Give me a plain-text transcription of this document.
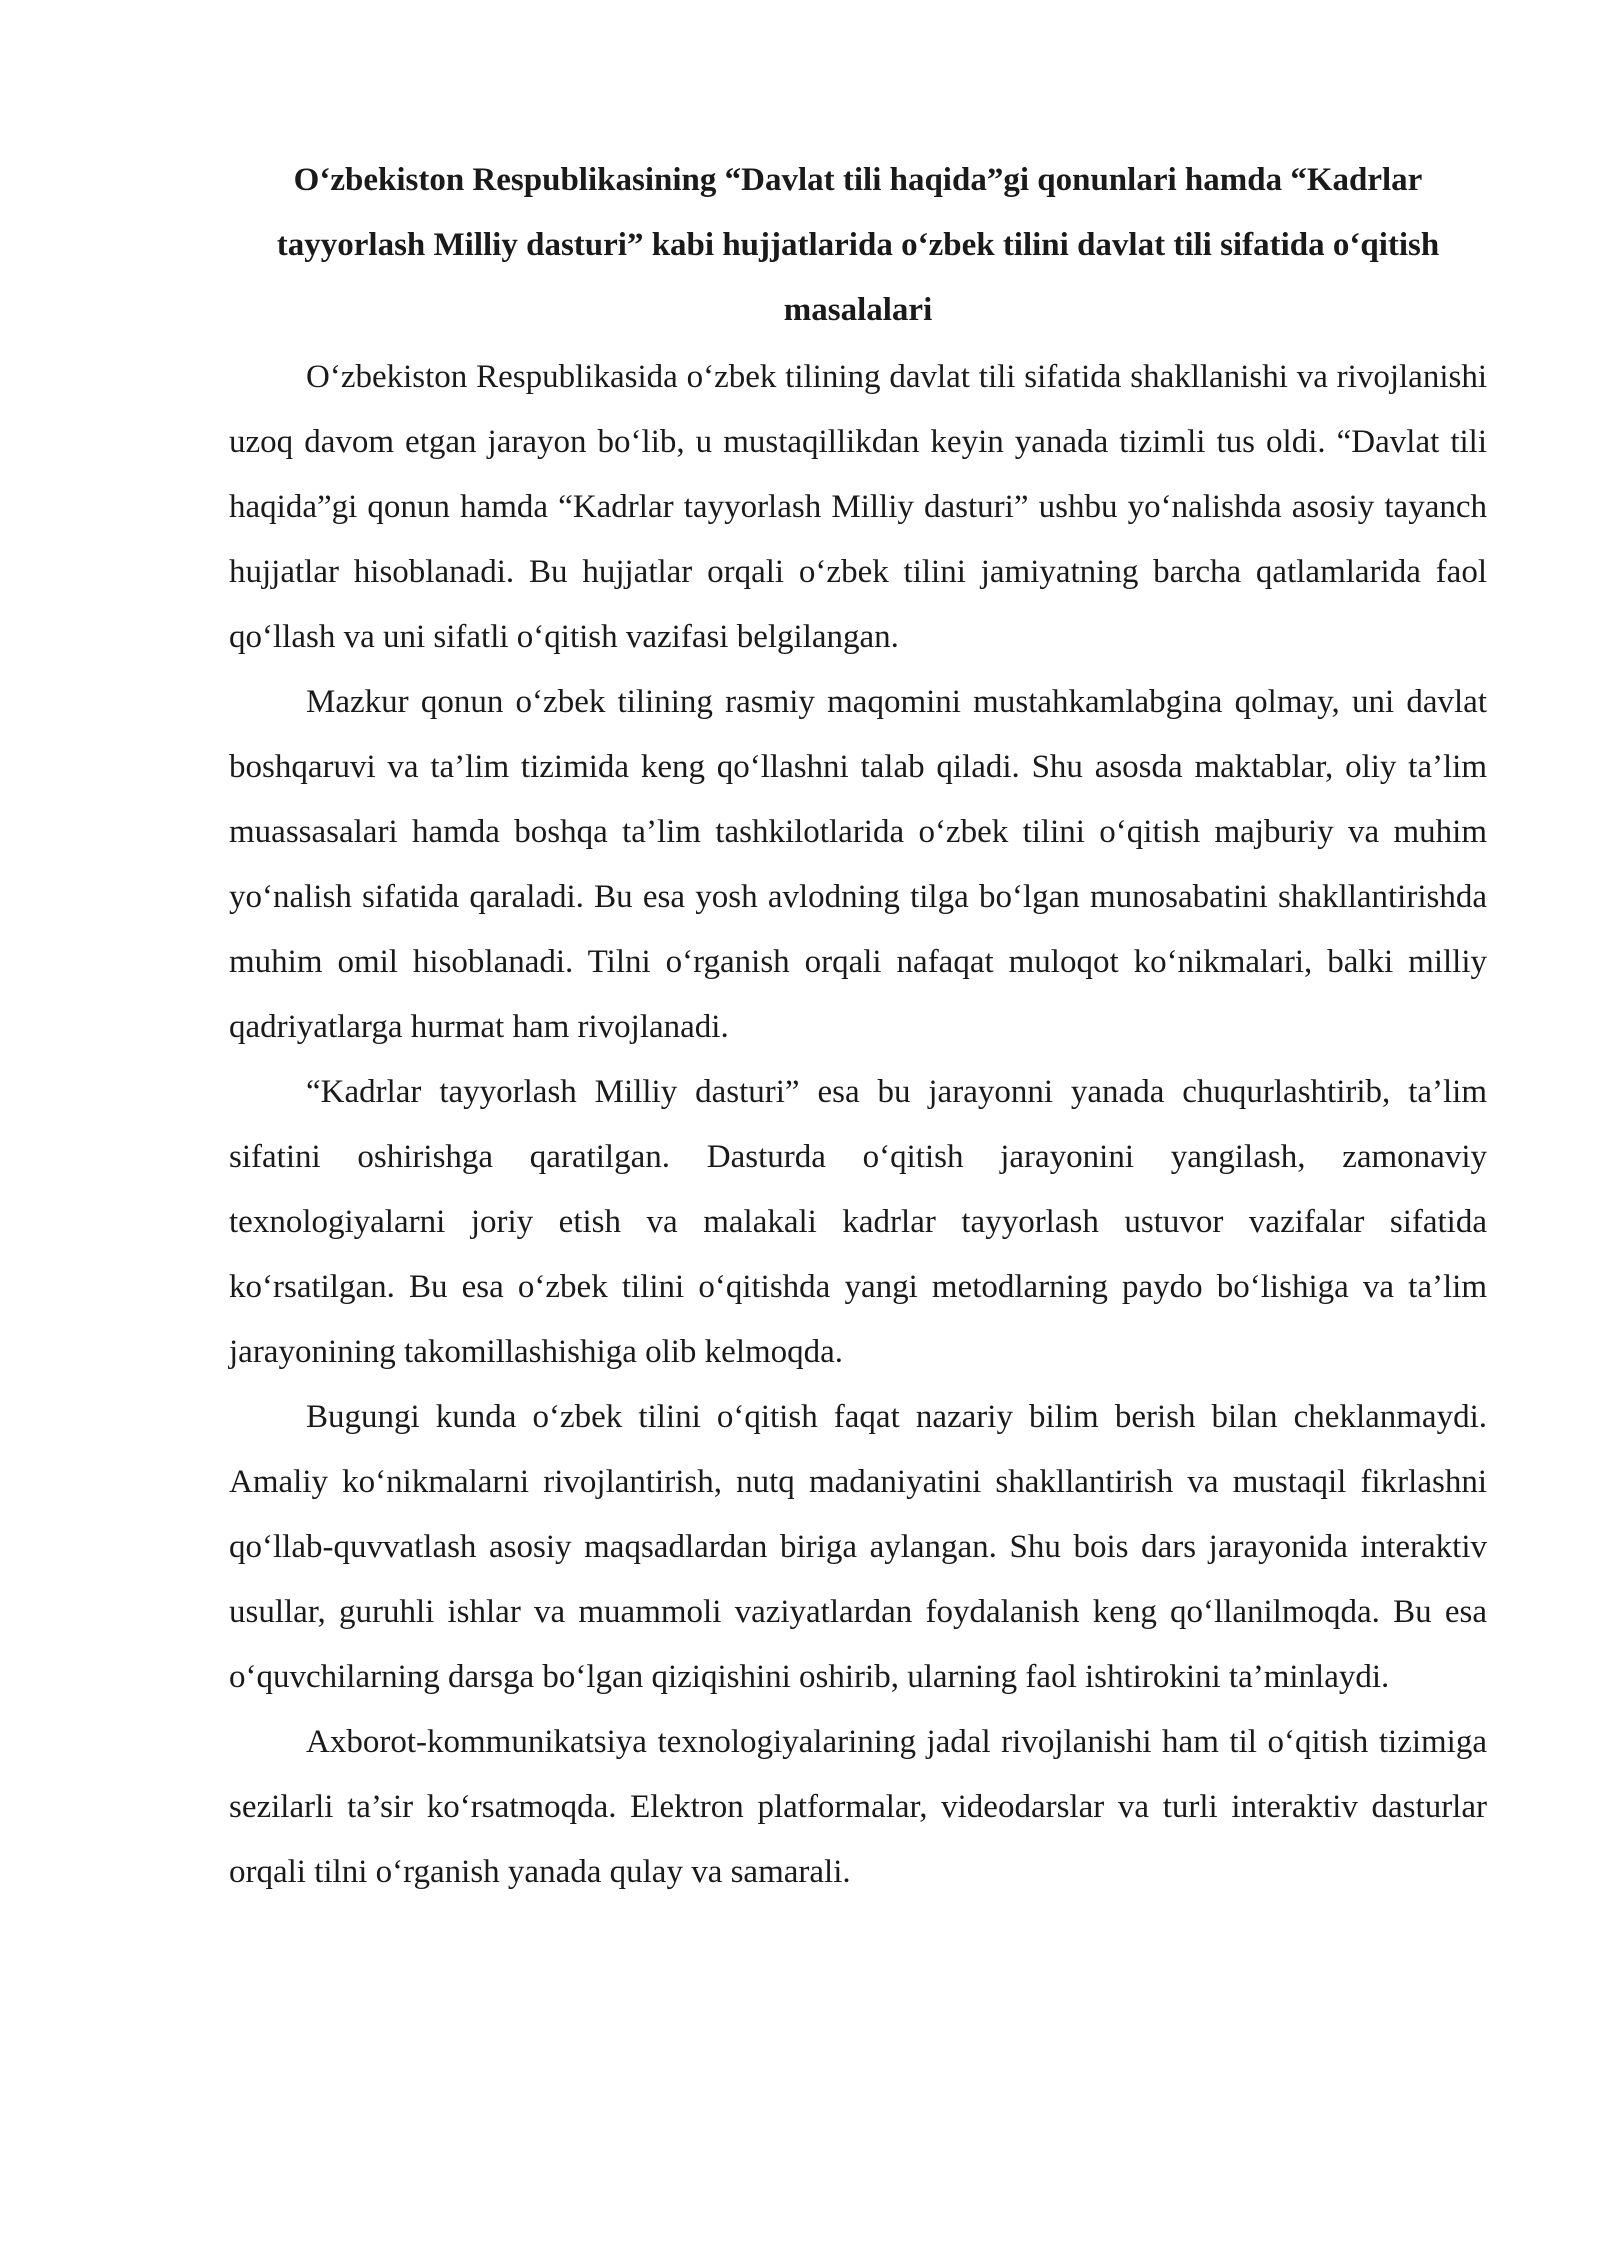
O‘zbekiston Respublikasining “Davlat tili haqida”gi qonunlari hamda “Kadrlar tayyorlash Milliy dasturi” kabi hujjatlarida o‘zbek tilini davlat tili sifatida o‘qitish masalalari

O‘zbekiston Respublikasida o‘zbek tilining davlat tili sifatida shakllanishi va rivojlanishi uzoq davom etgan jarayon bo‘lib, u mustaqillikdan keyin yanada tizimli tus oldi. “Davlat tili haqida”gi qonun hamda “Kadrlar tayyorlash Milliy dasturi” ushbu yo‘nalishda asosiy tayanch hujjatlar hisoblanadi. Bu hujjatlar orqali o‘zbek tilini jamiyatning barcha qatlamlarida faol qo‘llash va uni sifatli o‘qitish vazifasi belgilangan.

Mazkur qonun o‘zbek tilining rasmiy maqomini mustahkamlabgina qolmay, uni davlat boshqaruvi va ta’lim tizimida keng qo‘llashni talab qiladi. Shu asosda maktablar, oliy ta’lim muassasalari hamda boshqa ta’lim tashkilotlarida o‘zbek tilini o‘qitish majburiy va muhim yo‘nalish sifatida qaraladi. Bu esa yosh avlodning tilga bo‘lgan munosabatini shakllantirishda muhim omil hisoblanadi. Tilni o‘rganish orqali nafaqat muloqot ko‘nikmalari, balki milliy qadriyatlarga hurmat ham rivojlanadi.

“Kadrlar tayyorlash Milliy dasturi” esa bu jarayonni yanada chuqurlashtirib, ta’lim sifatini oshirishga qaratilgan. Dasturda o‘qitish jarayonini yangilash, zamonaviy texnologiyalarni joriy etish va malakali kadrlar tayyorlash ustuvor vazifalar sifatida ko‘rsatilgan. Bu esa o‘zbek tilini o‘qitishda yangi metodlarning paydo bo‘lishiga va ta’lim jarayonining takomillashishiga olib kelmoqda.

Bugungi kunda o‘zbek tilini o‘qitish faqat nazariy bilim berish bilan cheklanmaydi. Amaliy ko‘nikmalarni rivojlantirish, nutq madaniyatini shakllantirish va mustaqil fikrlashni qo‘llab-quvvatlash asosiy maqsadlardan biriga aylangan. Shu bois dars jarayonida interaktiv usullar, guruhli ishlar va muammoli vaziyatlardan foydalanish keng qo‘llanilmoqda. Bu esa o‘quvchilarning darsga bo‘lgan qiziqishini oshirib, ularning faol ishtirokini ta’minlaydi.

Axborot-kommunikatsiya texnologiyalarining jadal rivojlanishi ham til o‘qitish tizimiga sezilarli ta’sir ko‘rsatmoqda. Elektron platformalar, videodarslar va turli interaktiv dasturlar orqali tilni o‘rganish yanada qulay va samarali.
